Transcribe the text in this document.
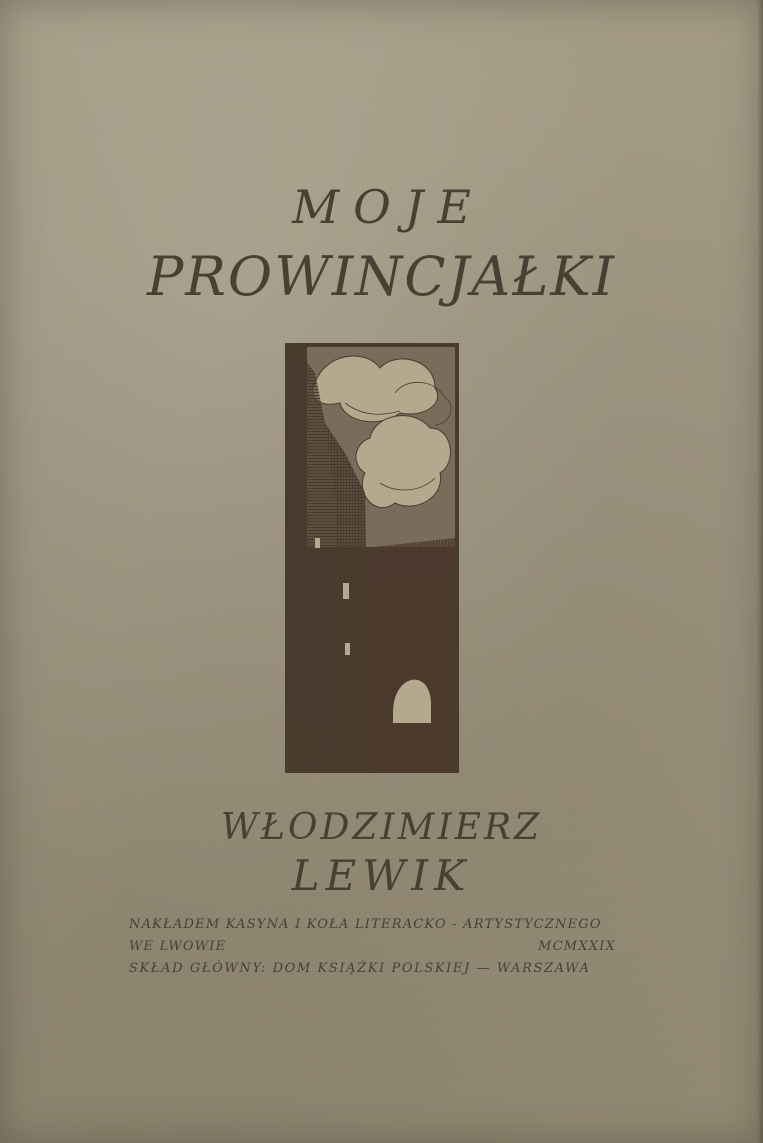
MOJE
PROWINCJAŁKI
WŁODZIMIERZ
LEWIK
NAKŁADEM KASYNA I KOŁA LITERACKO - ARTYSTYCZNEGO
WE LWOWIE	MCMXXIX
SKŁAD GŁÓWNY: DOM KSIĄŻKI POLSKIEJ — WARSZAWA
